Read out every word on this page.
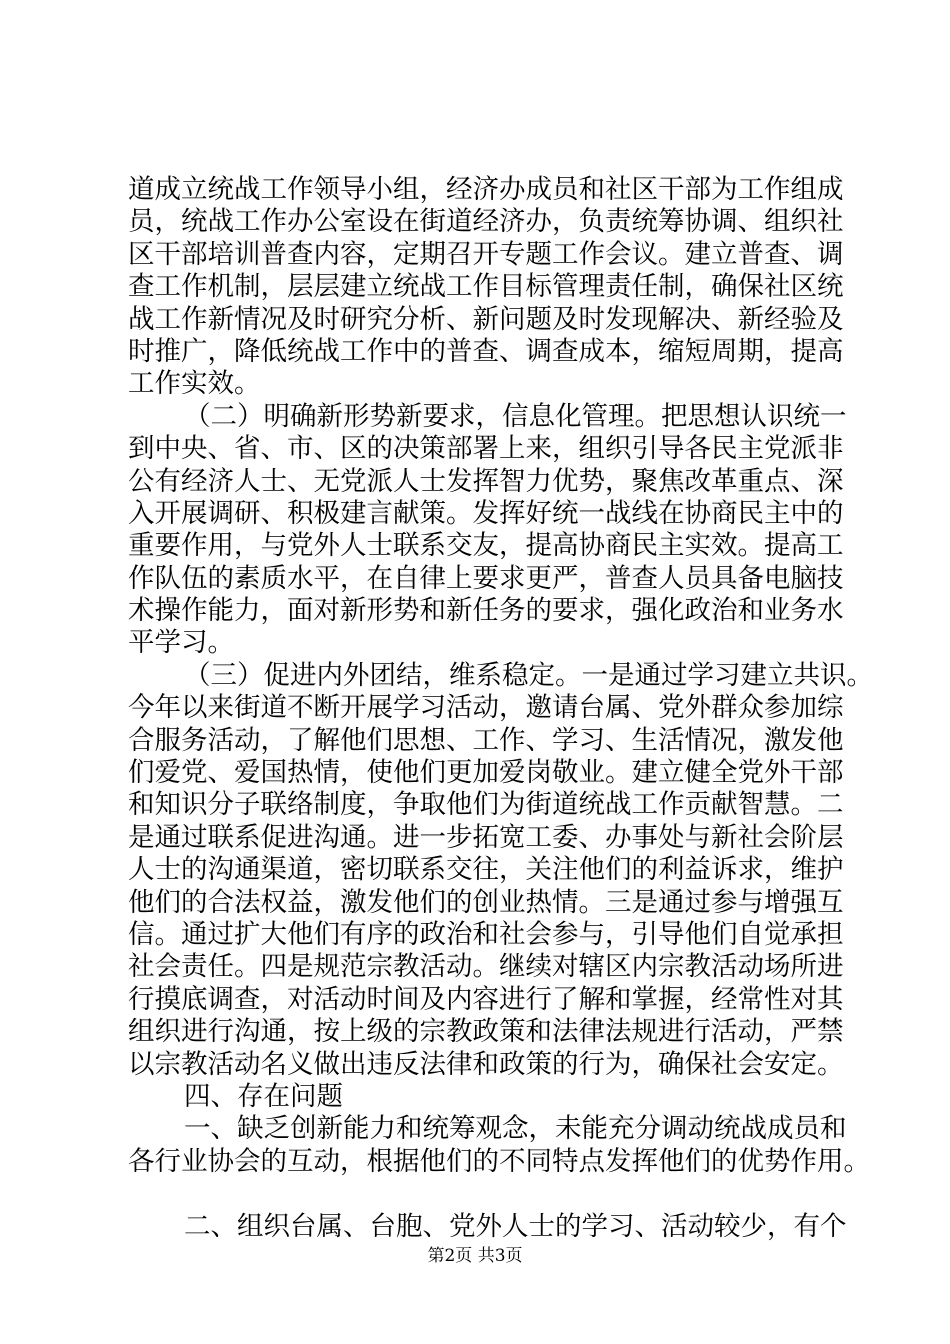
道成立统战工作领导小组，经济办成员和社区干部为工作组成
员，统战工作办公室设在街道经济办，负责统筹协调、组织社
区干部培训普查内容，定期召开专题工作会议。建立普查、调
查工作机制，层层建立统战工作目标管理责任制，确保社区统
战工作新情况及时研究分析、新问题及时发现解决、新经验及
时推广，降低统战工作中的普查、调查成本，缩短周期，提高
工作实效。
（二）明确新形势新要求，信息化管理。把思想认识统一
到中央、省、市、区的决策部署上来，组织引导各民主党派非
公有经济人士、无党派人士发挥智力优势，聚焦改革重点、深
入开展调研、积极建言献策。发挥好统一战线在协商民主中的
重要作用，与党外人士联系交友，提高协商民主实效。提高工
作队伍的素质水平，在自律上要求更严，普查人员具备电脑技
术操作能力，面对新形势和新任务的要求，强化政治和业务水
平学习。
（三）促进内外团结，维系稳定。一是通过学习建立共识。
今年以来街道不断开展学习活动，邀请台属、党外群众参加综
合服务活动，了解他们思想、工作、学习、生活情况，激发他
们爱党、爱国热情，使他们更加爱岗敬业。建立健全党外干部
和知识分子联络制度，争取他们为街道统战工作贡献智慧。二
是通过联系促进沟通。进一步拓宽工委、办事处与新社会阶层
人士的沟通渠道，密切联系交往，关注他们的利益诉求，维护
他们的合法权益，激发他们的创业热情。三是通过参与增强互
信。通过扩大他们有序的政治和社会参与，引导他们自觉承担
社会责任。四是规范宗教活动。继续对辖区内宗教活动场所进
行摸底调查，对活动时间及内容进行了解和掌握，经常性对其
组织进行沟通，按上级的宗教政策和法律法规进行活动，严禁
以宗教活动名义做出违反法律和政策的行为，确保社会安定。
四、存在问题
一、缺乏创新能力和统筹观念，未能充分调动统战成员和
各行业协会的互动，根据他们的不同特点发挥他们的优势作用。
二、组织台属、台胞、党外人士的学习、活动较少，有个
第2页 共3页
